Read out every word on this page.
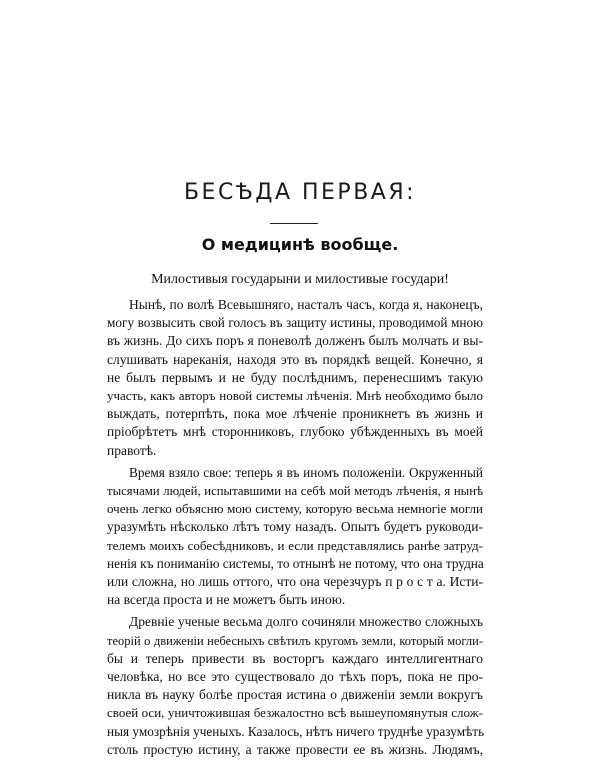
БЕСѢДА ПЕРВАЯ:
О медицинѣ вообще.

Милостивыя государыни и милостивые государи!

Нынѣ, по волѣ Всевышняго, насталъ часъ, когда я, наконецъ,
могу возвысить свой голосъ въ защиту истины, проводимой мною
въ жизнь. До сихъ поръ я поневолѣ долженъ былъ молчать и вы-
слушивать нареканія, находя это въ порядкѣ вещей. Конечно, я
не былъ первымъ и не буду послѣднимъ, перенесшимъ такую
участь, какъ авторъ новой системы лѣченія. Мнѣ необходимо было
выждать, потерпѣть, пока мое лѣченіе проникнетъ въ жизнь и
пріобрѣтетъ мнѣ сторонниковъ, глубоко убѣжденныхъ въ моей
правотѣ.
Время взяло свое: теперь я въ иномъ положеніи. Окруженный
тысячами людей, испытавшими на себѣ мой методъ лѣченія, я нынѣ
очень легко объясню мою систему, которую весьма немногіе могли
уразумѣть нѣсколько лѣтъ тому назадъ. Опытъ будетъ руководи-
телемъ моихъ собесѣдниковъ, и если представлялись ранѣе затруд-
ненія къ пониманію системы, то отнынѣ не потому, что она трудна
или сложна, но лишь оттого, что она черезчуръ п р о с т а. Исти-
на всегда проста и не можетъ быть иною.
Древніе ученые весьма долго сочиняли множество сложныхъ
теорій о движеніи небесныхъ свѣтилъ кругомъ земли, который могли-
бы и теперь привести въ восторгъ каждаго интеллигентнаго
человѣка, но все это существовало до тѣхъ поръ, пока не про-
никла въ науку болѣе простая истина о движеніи земли вокругъ
своей оси, уничтожившая безжалостно всѣ вышеупомянутыя слож-
ныя умозрѣнія ученыхъ. Казалось, нѣтъ ничего труднѣе уразумѣть
столь простую истину, а также провести ее въ жизнь. Людямъ,
